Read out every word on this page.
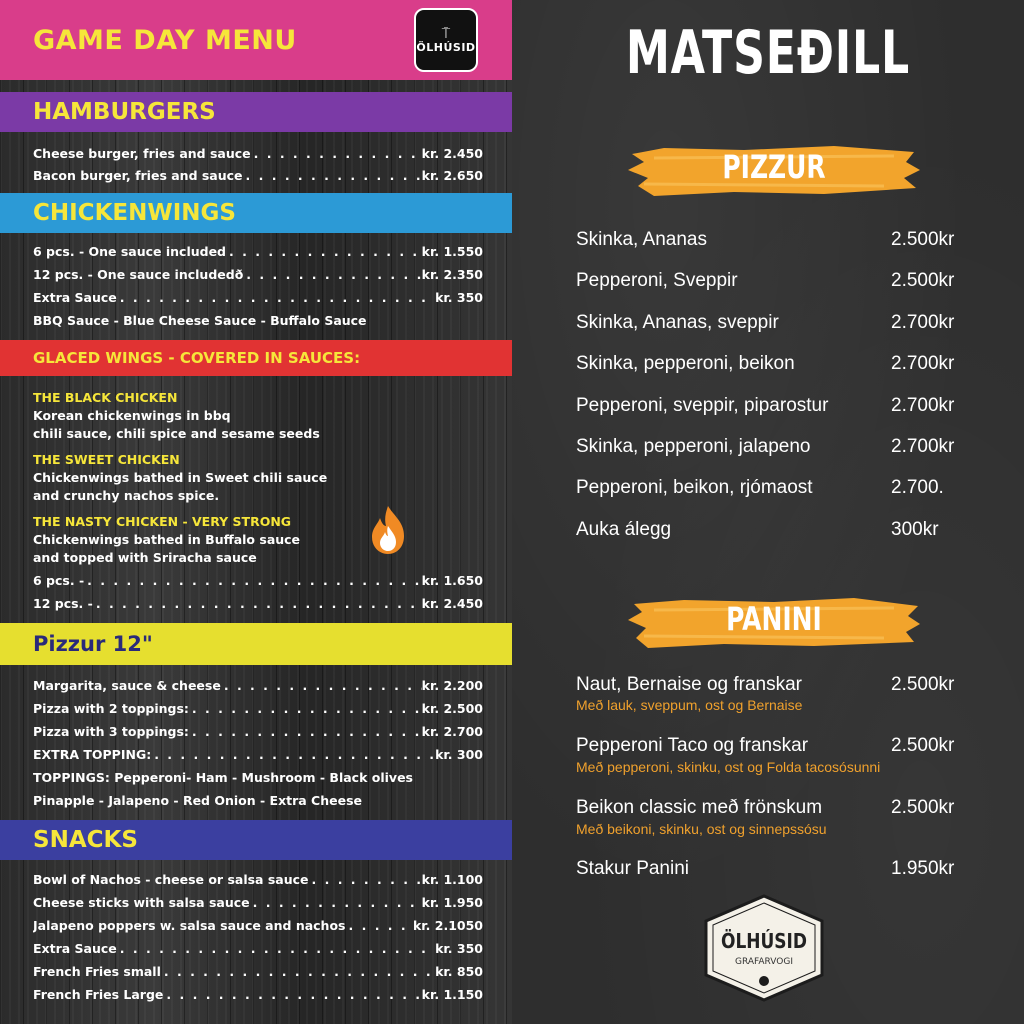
GAME DAY MENU	⍑
ÖLHÚSID
HAMBURGERS
Cheese burger, fries and sauce . . .	kr. 2.450
Bacon burger, fries and sauce . . .	kr. 2.650
CHICKENWINGS
6 pcs. - One sauce included . . .	kr. 1.550
12 pcs. - One sauce includedð . . .	kr. 2.350
Extra Sauce . . .	kr. 350
BBQ Sauce - Blue Cheese Sauce - Buffalo Sauce
GLACED WINGS - COVERED IN SAUCES:
THE BLACK CHICKEN
Korean chickenwings in bbq
chili sauce, chili spice and sesame seeds
THE SWEET CHICKEN
Chickenwings bathed in Sweet chili sauce
and crunchy nachos spice.
THE NASTY CHICKEN - VERY STRONG
Chickenwings bathed in Buffalo sauce
and topped with Sriracha sauce
6 pcs. - . . .	kr. 1.650
12 pcs. - . . .	kr. 2.450
Pizzur 12"
Margarita, sauce & cheese . . .	kr. 2.200
Pizza with 2 toppings: . . .	kr. 2.500
Pizza with 3 toppings: . . .	kr. 2.700
EXTRA TOPPING: . . .	kr. 300
TOPPINGS: Pepperoni- Ham - Mushroom - Black olives
Pinapple - Jalapeno - Red Onion - Extra Cheese
SNACKS
Bowl of Nachos - cheese or salsa sauce . . .	kr. 1.100
Cheese sticks with salsa sauce . . .	kr. 1.950
Jalapeno poppers w. salsa sauce and nachos . . .	kr. 2.1050
Extra Sauce . . .	kr. 350
French Fries small . . .	kr. 850
French Fries Large . . .	kr. 1.150
MATSEÐILL
PIZZUR
Skinka, Ananas	2.500kr
Pepperoni, Sveppir	2.500kr
Skinka, Ananas, sveppir	2.700kr
Skinka, pepperoni, beikon	2.700kr
Pepperoni, sveppir, piparostur	2.700kr
Skinka, pepperoni, jalapeno	2.700kr
Pepperoni, beikon, rjómaost	2.700.
Auka álegg	300kr
PANINI
Naut, Bernaise og franskar	2.500kr
Með lauk, sveppum, ost og Bernaise
Pepperoni Taco og franskar	2.500kr
Með pepperoni, skinku, ost og Folda tacosósunni
Beikon classic með frönskum	2.500kr
Með beikoni, skinku, ost og sinnepssósu
Stakur Panini	1.950kr
ÖLHÚSID
GRAFARVOGI
